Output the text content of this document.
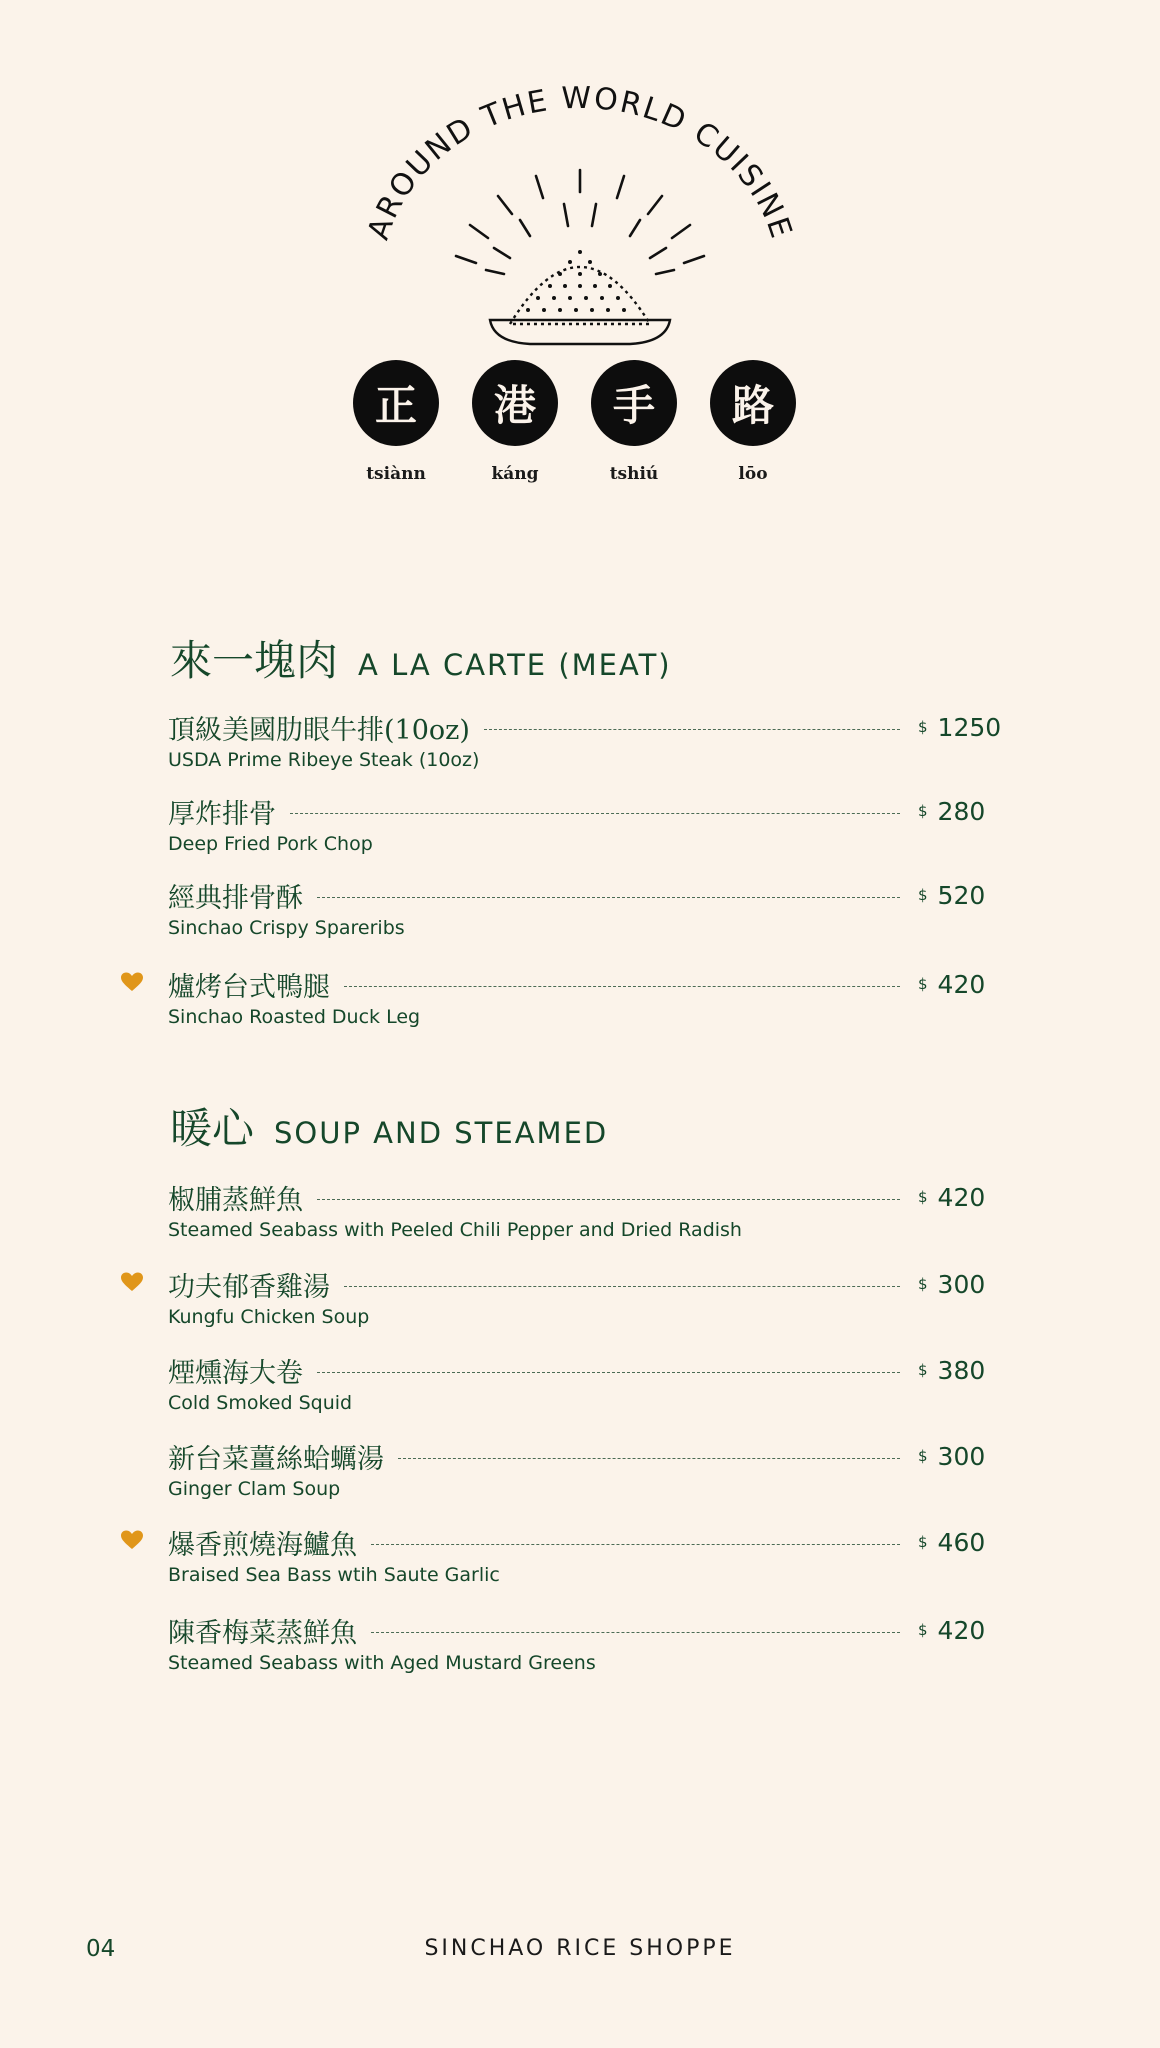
AROUND THE WORLD CUISINE
正
tsiànn
港
káng
手
tshiú
路
lōo
來一塊肉 A LA CARTE (MEAT)
頂級美國肋眼牛排(10oz)	$ 1250
USDA Prime Ribeye Steak (10oz)
厚炸排骨	$ 280
Deep Fried Pork Chop
經典排骨酥	$ 520
Sinchao Crispy Spareribs
爐烤台式鴨腿	$ 420
Sinchao Roasted Duck Leg
暖心 SOUP AND STEAMED
椒脯蒸鮮魚	$ 420
Steamed Seabass with Peeled Chili Pepper and Dried Radish
功夫郁香雞湯	$ 300
Kungfu Chicken Soup
煙燻海大卷	$ 380
Cold Smoked Squid
新台菜薑絲蛤蠣湯	$ 300
Ginger Clam Soup
爆香煎燒海鱸魚	$ 460
Braised Sea Bass wtih Saute Garlic
陳香梅菜蒸鮮魚	$ 420
Steamed Seabass with Aged Mustard Greens
04	SINCHAO RICE SHOPPE
